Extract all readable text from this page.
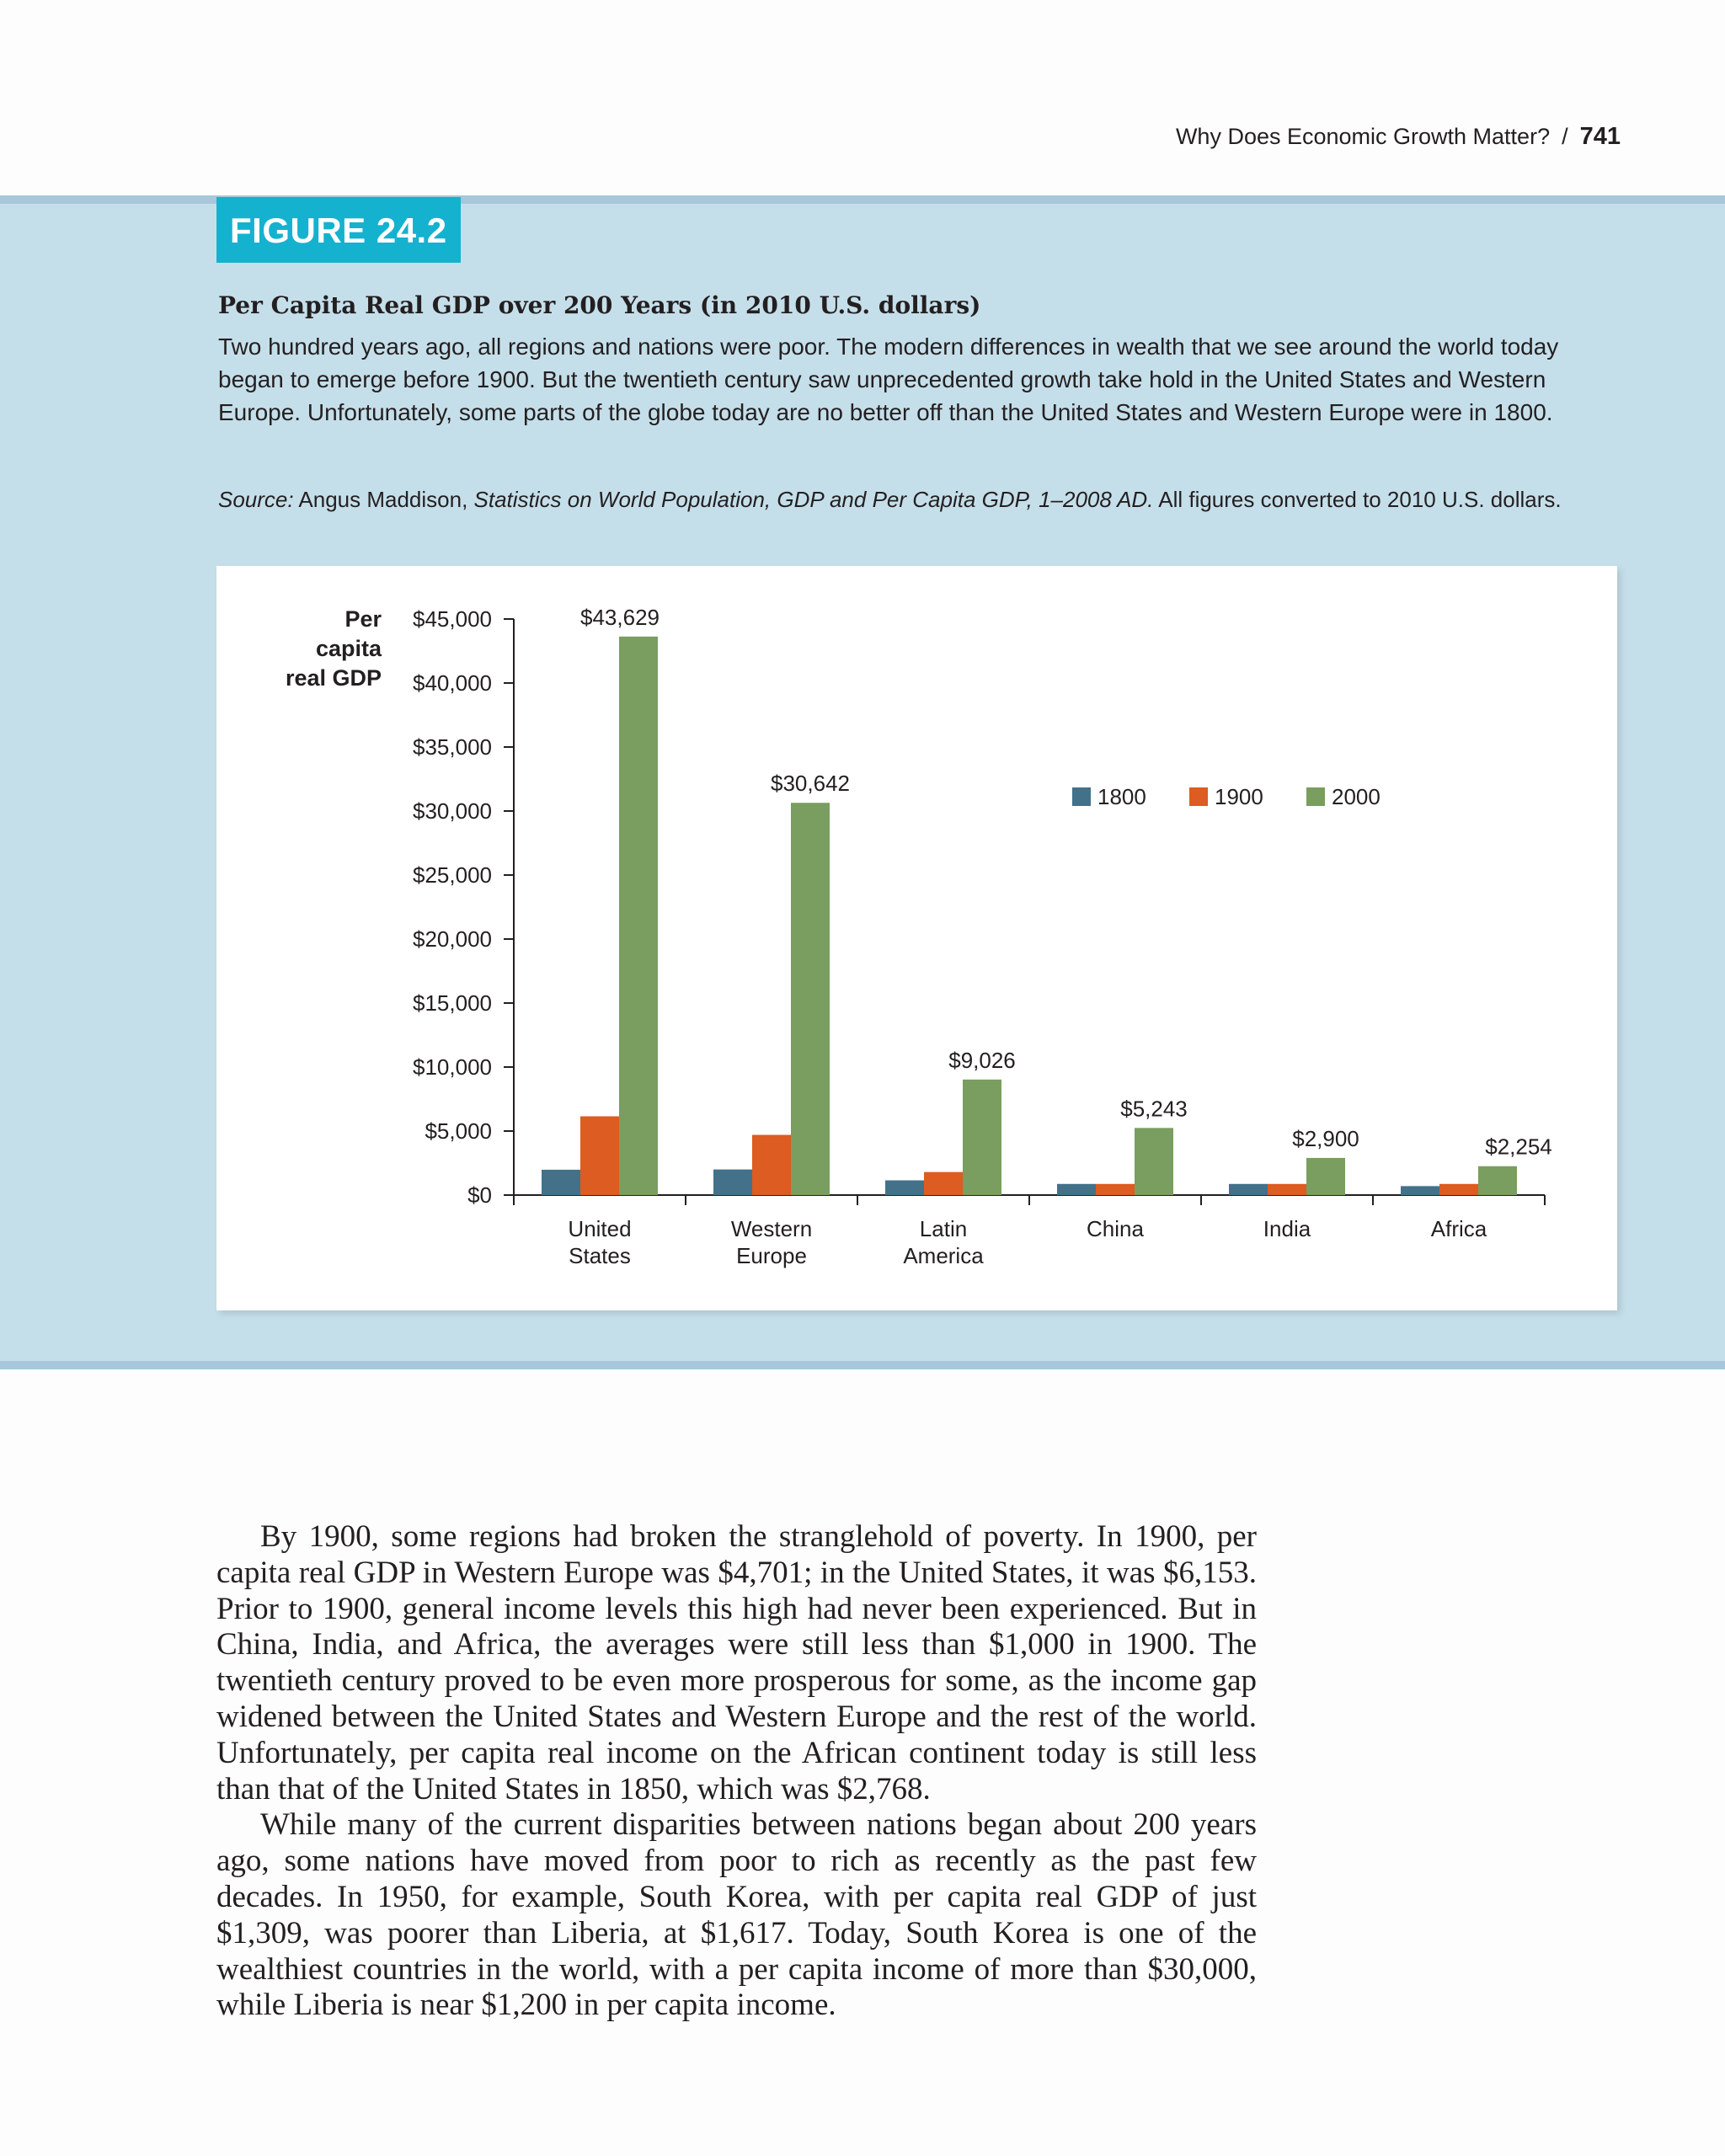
Why Does Economic Growth Matter? / 741
FIGURE 24.2
Per Capita Real GDP over 200 Years (in 2010 U.S. dollars)
Two hundred years ago, all regions and nations were poor. The modern differences in wealth that we see around the world today began to emerge before 1900. But the twentieth century saw unprecedented growth take hold in the United States and Western Europe. Unfortunately, some parts of the globe today are no better off than the United States and Western Europe were in 1800.
Source: Angus Maddison, Statistics on World Population, GDP and Per Capita GDP, 1–2008 AD. All figures converted to 2010 U.S. dollars.
Per
capita
real GDP
$0
$5,000
$10,000
$15,000
$20,000
$25,000
$30,000
$35,000
$40,000
$45,000
United
States
Western
Europe
Latin
America
China	India	Africa
$43,629
$30,642
$9,026
$5,243
$2,900	$2,254
1800	1900	2000

By 1900, some regions had broken the stranglehold of poverty. In 1900, per capita real GDP in Western Europe was $4,701; in the United States, it was $6,153. Prior to 1900, general income levels this high had never been experienced. But in China, India, and Africa, the averages were still less than $1,000 in 1900. The twentieth century proved to be even more prosperous for some, as the income gap widened between the United States and Western Europe and the rest of the world. Unfortunately, per capita real income on the African continent today is still less than that of the United States in 1850, which was $2,768.

While many of the current disparities between nations began about 200 years ago, some nations have moved from poor to rich as recently as the past few decades. In 1950, for example, South Korea, with per capita real GDP of just $1,309, was poorer than Liberia, at $1,617. Today, South Korea is one of the wealthiest countries in the world, with a per capita income of more than $30,000, while Liberia is near $1,200 in per capita income.
